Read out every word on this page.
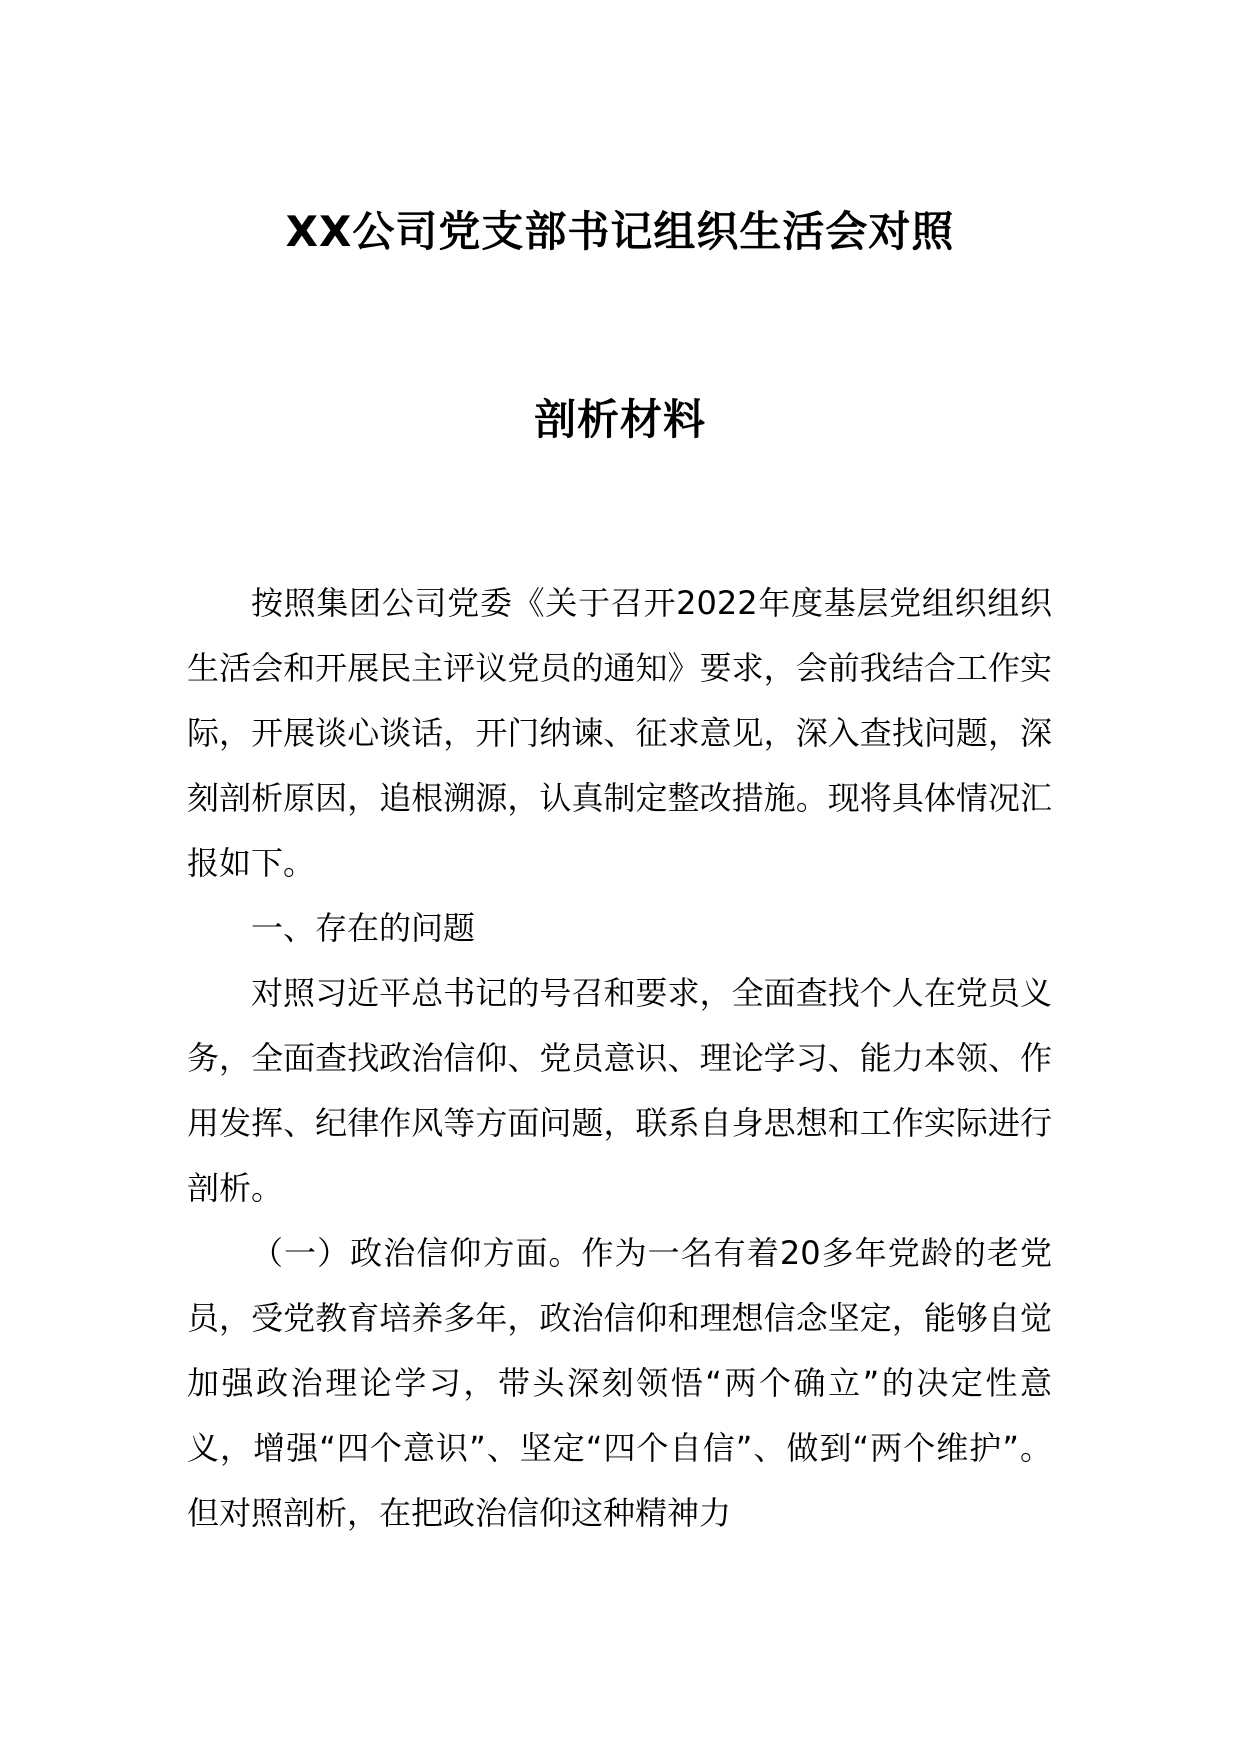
XX公司党支部书记组织生活会对照
剖析材料

按照集团公司党委《关于召开2022年度基层党组织组织生活会和开展民主评议党员的通知》要求，会前我结合工作实际，开展谈心谈话，开门纳谏、征求意见，深入查找问题，深刻剖析原因，追根溯源，认真制定整改措施。现将具体情况汇报如下。

一、存在的问题

对照习近平总书记的号召和要求，全面查找个人在党员义务，全面查找政治信仰、党员意识、理论学习、能力本领、作用发挥、纪律作风等方面问题，联系自身思想和工作实际进行剖析。

（一）政治信仰方面。作为一名有着20多年党龄的老党员，受党教育培养多年，政治信仰和理想信念坚定，能够自觉加强政治理论学习，带头深刻领悟“两个确立”的决定性意义，增强“四个意识”、坚定“四个自信”、做到“两个维护”。但对照剖析，在把政治信仰这种精神力
